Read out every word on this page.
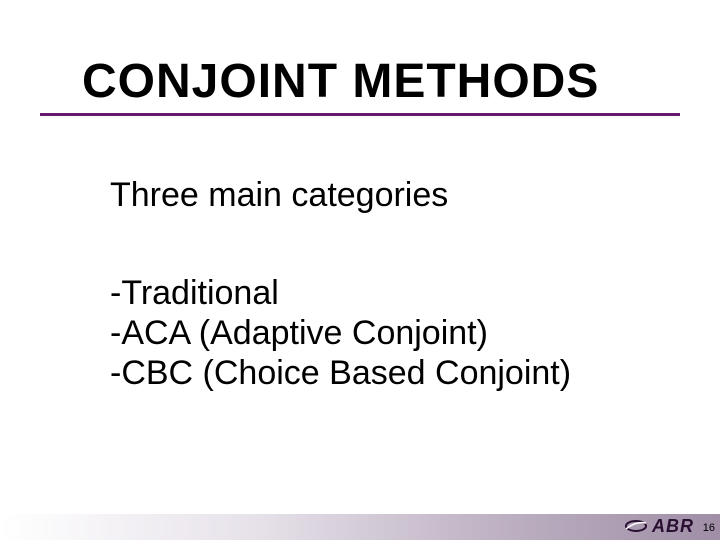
CONJOINT METHODS

Three main categories

-Traditional
-ACA (Adaptive Conjoint)
-CBC (Choice Based Conjoint)
ABR 16
